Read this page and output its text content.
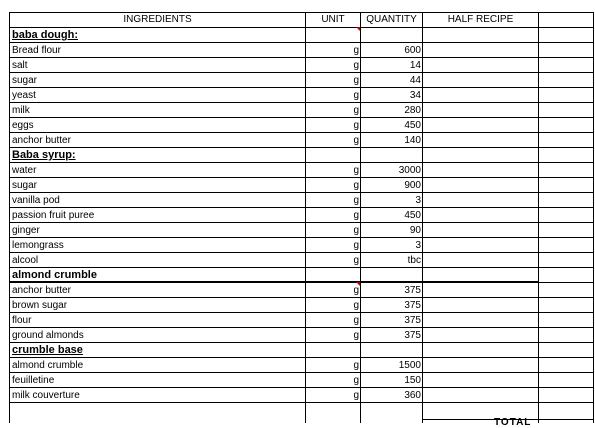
INGREDIENTS	UNIT	QUANTITY	HALF RECIPE
baba dough:
Bread flour	g	600
salt	g	14
sugar	g	44
yeast	g	34
milk	g	280
eggs	g	450
anchor butter	g	140
Baba syrup:
water	g	3000
sugar	g	900
vanilla pod	g	3
passion fruit puree	g	450
ginger	g	90
lemongrass	g	3
alcool	g	tbc
almond crumble
anchor butter	g	375
brown sugar	g	375
flour	g	375
ground almonds	g	375
crumble base
almond crumble	g	1500
feuilletine	g	150
milk couverture	g	360
TOTAL
